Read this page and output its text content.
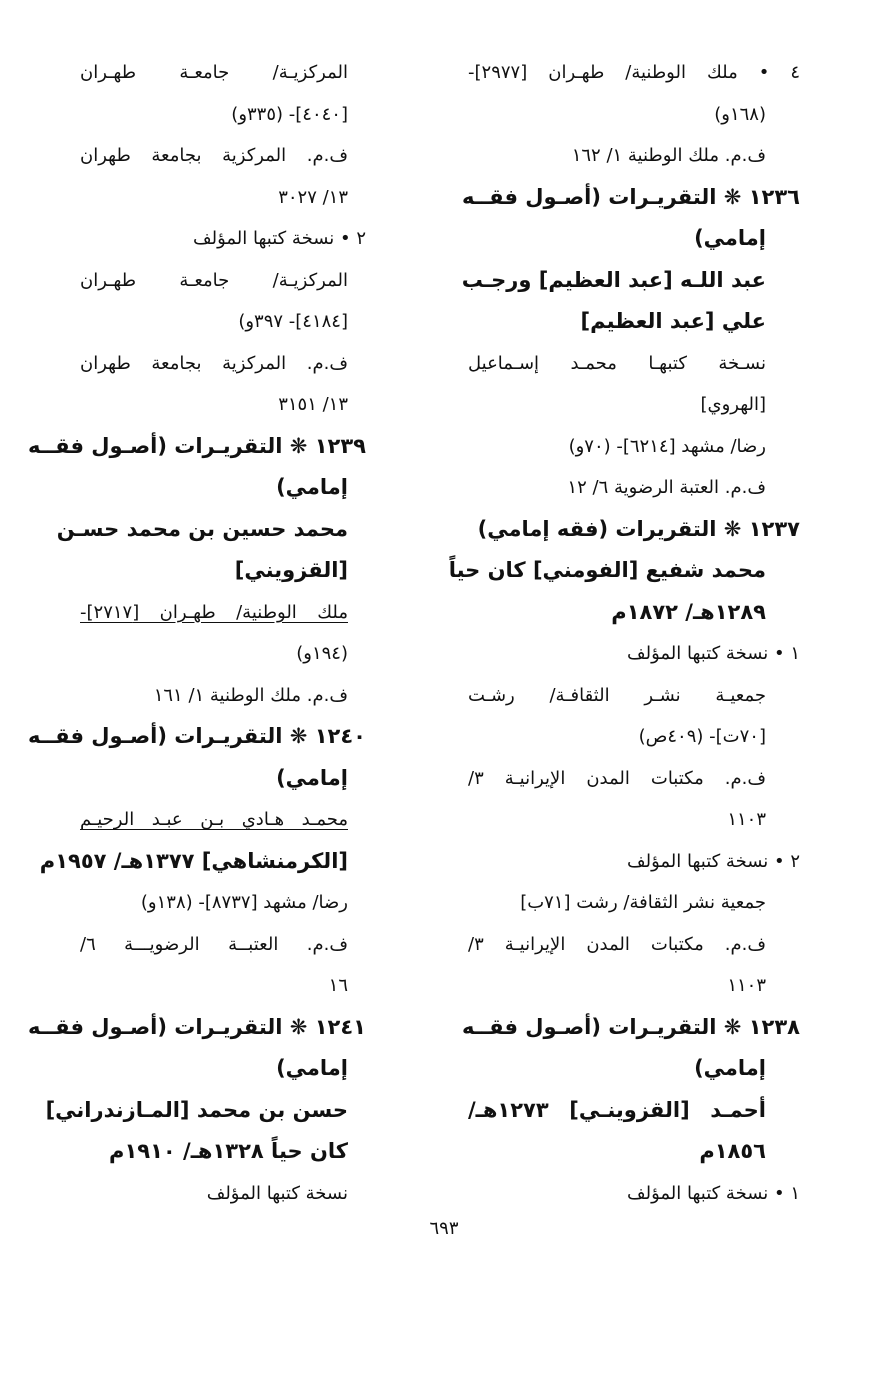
٤ • ملك الوطنية/ طهـران [٢٩٧٧]-
(١٦٨و)
ف.م. ملك الوطنية ١/ ١٦٢
١٢٣٦ ❋ التقريـرات (أصـول فقــه
إمامي)
عبد اللـه [عبد العظيم] ورجـب
علي [عبد العظيم]
نسـخة كتبهـا محمـد إسـماعيل
[الهروي]
رضا/ مشهد [٦٢١٤]- (٧٠و)
ف.م. العتبة الرضوية ٦/ ١٢
١٢٣٧ ❋ التقريرات (فقه إمامي)
محمد شفيع [الفومني] كان حياً
١٢٨٩هـ/ ١٨٧٢م
١ • نسخة كتبها المؤلف
جمعيـة نشـر الثقافـة/ رشـت
[٧٠ت]- (٤٠٩ص)
ف.م. مكتبات المدن الإيرانيـة ٣/
١١٠٣
٢ • نسخة كتبها المؤلف
جمعية نشر الثقافة/ رشت [٧١ب]
ف.م. مكتبات المدن الإيرانيـة ٣/
١١٠٣
١٢٣٨ ❋ التقريـرات (أصـول فقــه
إمامي)
أحمـد [القزوينـي] ١٢٧٣هـ/
١٨٥٦م
١ • نسخة كتبها المؤلف
المركزيـة/ جامعـة طهـران
[٤٠٤٠]- (٣٣٥و)
ف.م. المركزية بجامعة طهران
١٣/ ٣٠٢٧
٢ • نسخة كتبها المؤلف
المركزيـة/ جامعـة طهـران
[٤١٨٤]- ٣٩٧و)
ف.م. المركزية بجامعة طهران
١٣/ ٣١٥١
١٢٣٩ ❋ التقريـرات (أصـول فقــه
إمامي)
محمد حسين بن محمد حسـن
[القزويني]
ملك الوطنية/ طهـران [٢٧١٧]-
(١٩٤و)
ف.م. ملك الوطنية ١/ ١٦١
١٢٤٠ ❋ التقريـرات (أصـول فقــه
إمامي)
محمـد هـادي بـن عبـد الرحيـم
[الكرمنشاهي] ١٣٧٧هـ/ ١٩٥٧م
رضا/ مشهد [٨٧٣٧]- (١٣٨و)
ف.م. العتبــة الرضويـــة ٦/
١٦
١٢٤١ ❋ التقريـرات (أصـول فقــه
إمامي)
حسن بن محمد [المـازندراني]
كان حياً ١٣٢٨هـ/ ١٩١٠م
نسخة كتبها المؤلف
٦٩٣
